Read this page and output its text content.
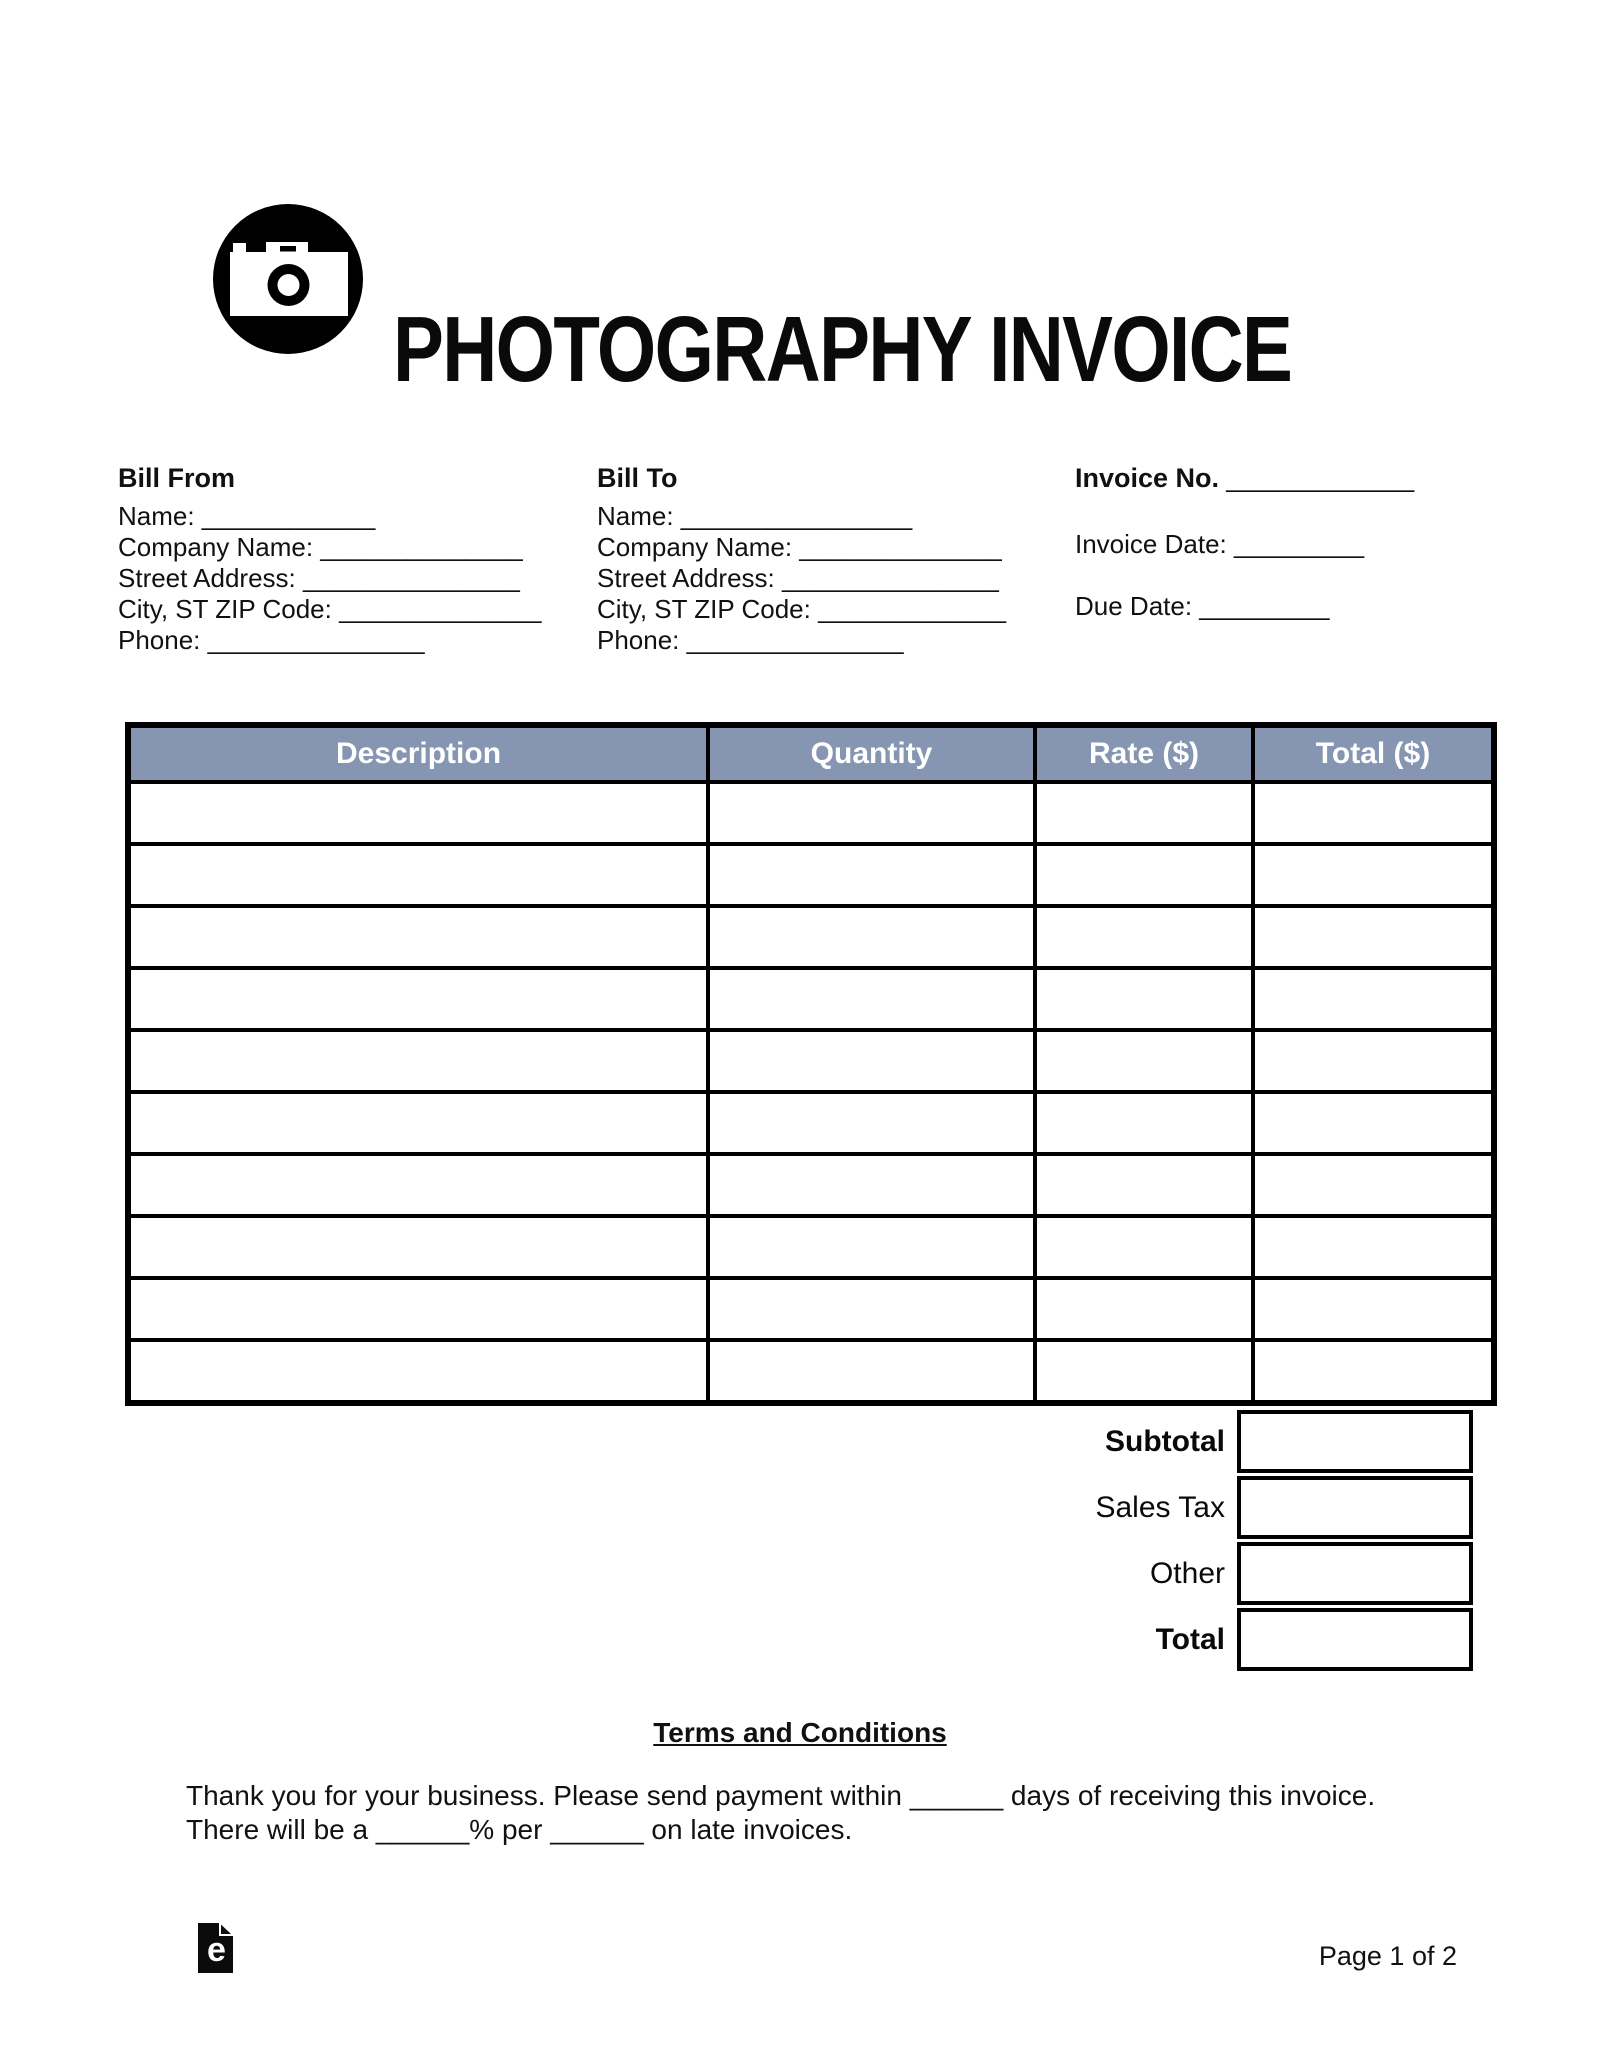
PHOTOGRAPHY INVOICE
Bill From
Name: ____________
Company Name: ______________
Street Address: _______________
City, ST ZIP Code: ______________
Phone: _______________
Bill To
Name: ________________
Company Name: ______________
Street Address: _______________
City, ST ZIP Code: _____________
Phone: _______________
Invoice No. _____________
Invoice Date: _________
Due Date: _________
Description	Quantity	Rate ($)	Total ($)

Subtotal
Sales Tax
Other
Total
Terms and Conditions

Thank you for your business. Please send payment within ______ days of receiving this invoice. There will be a ______% per ______ on late invoices.

e	Page 1 of 2
